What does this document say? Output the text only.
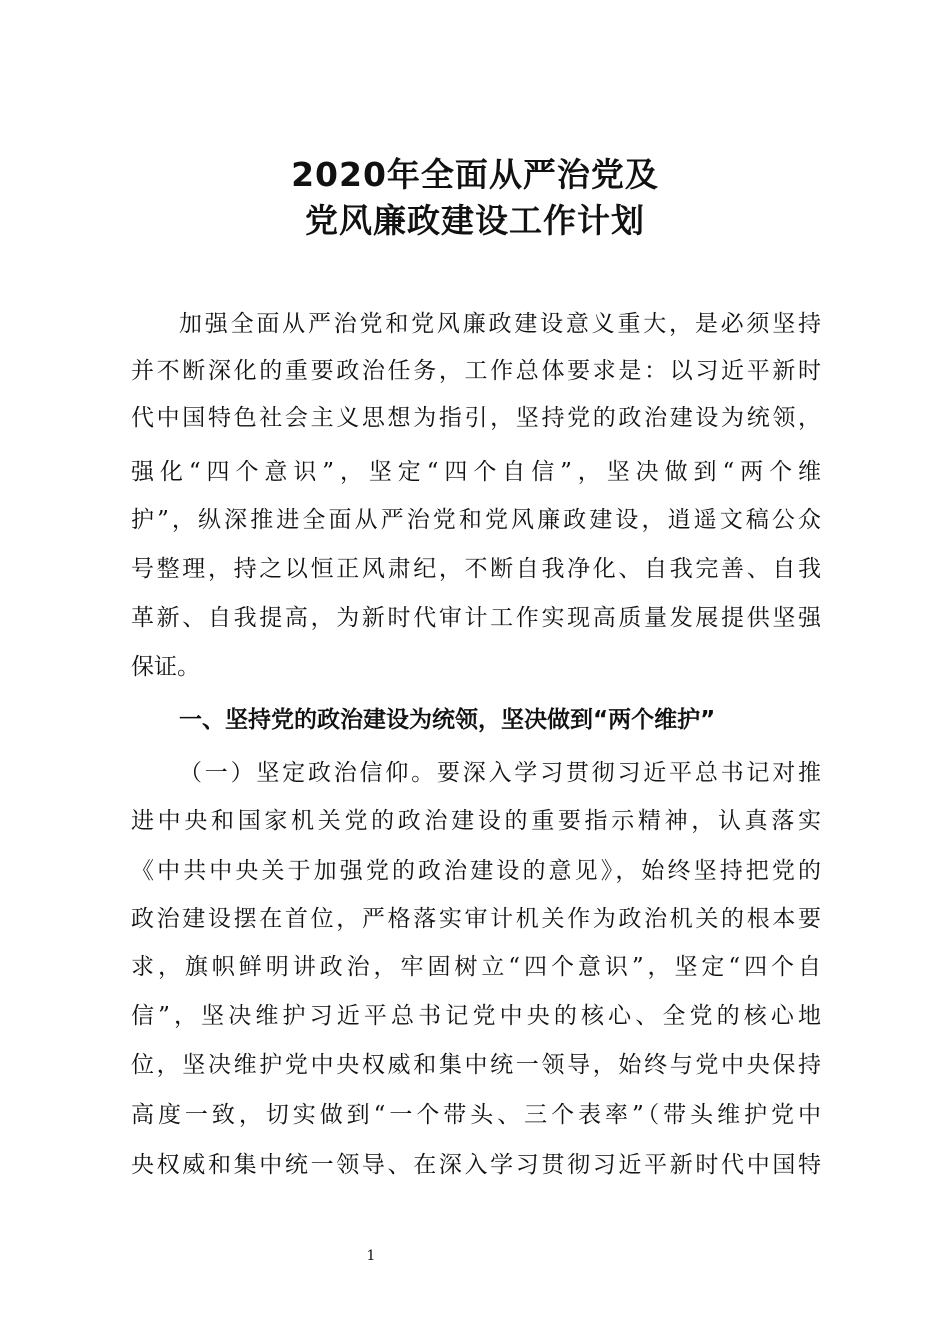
2020年全面从严治党及
党风廉政建设工作计划
加强全面从严治党和党风廉政建设意义重大，是必须坚持
并不断深化的重要政治任务，工作总体要求是：以习近平新时
代中国特色社会主义思想为指引，坚持党的政治建设为统领，
强化“四个意识”，坚定“四个自信”，坚决做到“两个维
护”，纵深推进全面从严治党和党风廉政建设，逍遥文稿公众
号整理，持之以恒正风肃纪，不断自我净化、自我完善、自我
革新、自我提高，为新时代审计工作实现高质量发展提供坚强
保证。
一、坚持党的政治建设为统领，坚决做到“两个维护”
（一）坚定政治信仰。要深入学习贯彻习近平总书记对推
进中央和国家机关党的政治建设的重要指示精神，认真落实
《中共中央关于加强党的政治建设的意见》，始终坚持把党的
政治建设摆在首位，严格落实审计机关作为政治机关的根本要
求，旗帜鲜明讲政治，牢固树立“四个意识”，坚定“四个自
信”，坚决维护习近平总书记党中央的核心、全党的核心地
位，坚决维护党中央权威和集中统一领导，始终与党中央保持
高度一致，切实做到“一个带头、三个表率”（带头维护党中
央权威和集中统一领导、在深入学习贯彻习近平新时代中国特
1
